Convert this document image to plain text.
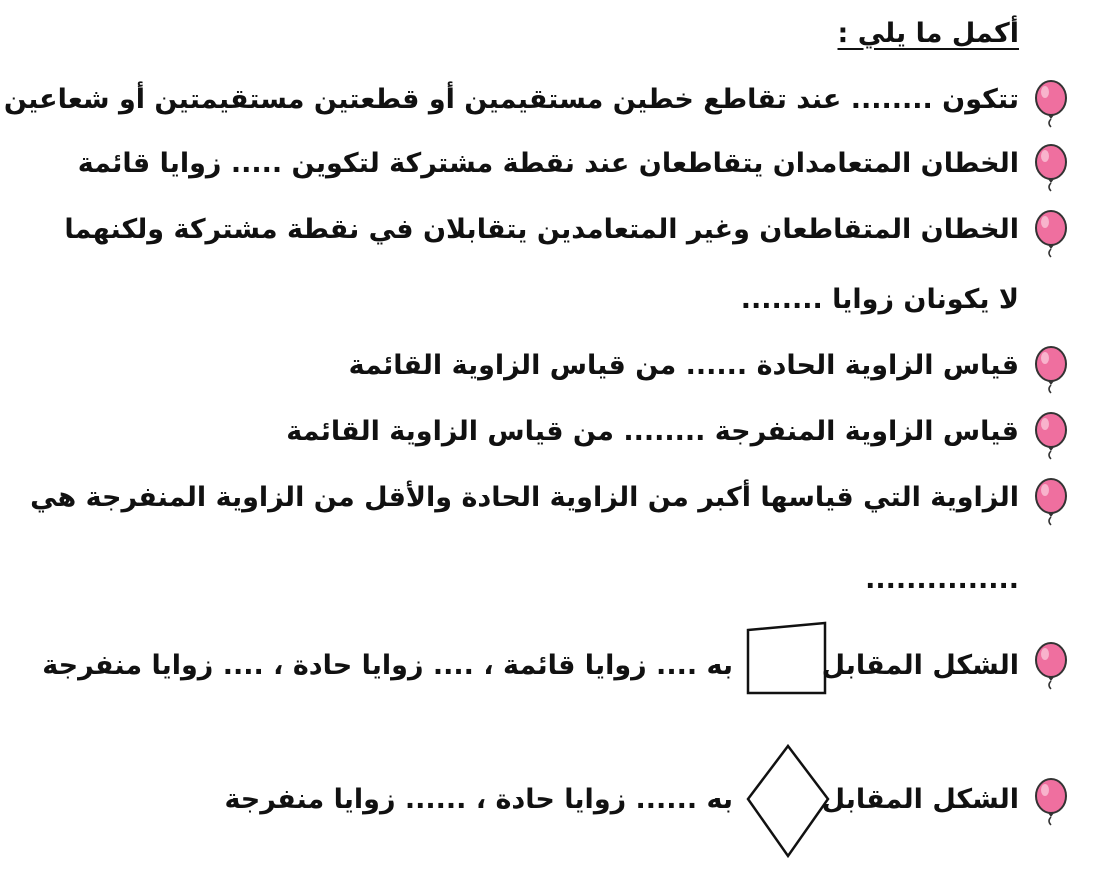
أكمل ما يلي :
تتكون ........ عند تقاطع خطين مستقيمين أو قطعتين مستقيمتين أو شعاعين
الخطان المتعامدان يتقاطعان عند نقطة مشتركة لتكوين ..... زوايا قائمة
الخطان المتقاطعان وغير المتعامدين يتقابلان في نقطة مشتركة ولكنهما
لا يكونان زوايا ........
قياس الزاوية الحادة ...... من قياس الزاوية القائمة
قياس الزاوية المنفرجة ........ من قياس الزاوية القائمة
الزاوية التي قياسها أكبر من الزاوية الحادة والأقل من الزاوية المنفرجة هي
...............
الشكل المقابل
به .... زوايا قائمة ، .... زوايا حادة ، .... زوايا منفرجة
الشكل المقابل
به ...... زوايا حادة ، ...... زوايا منفرجة
